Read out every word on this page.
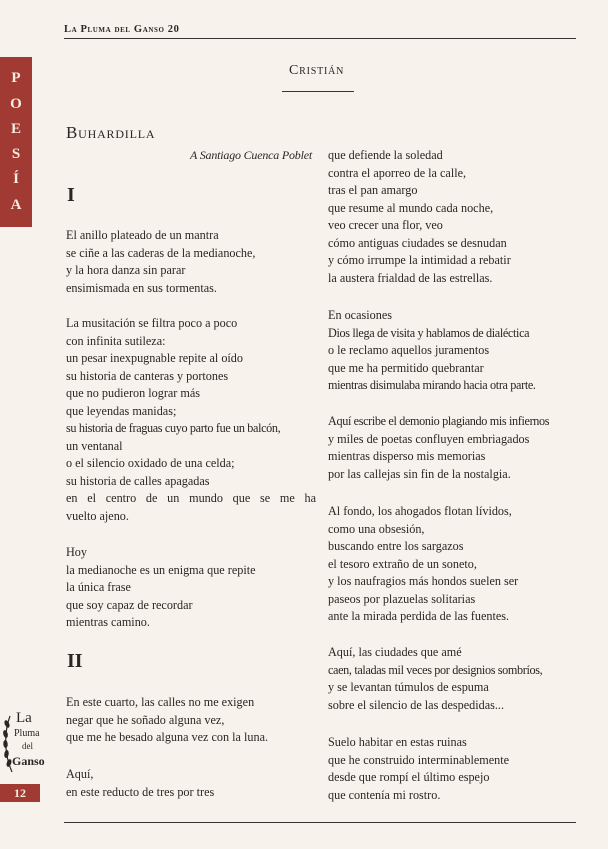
La Pluma del Ganso 20
P
O
E
S
Í
A
La
Pluma
del
Ganso
12
Cristián
Buhardilla
A Santiago Cuenca Poblet
I
El anillo plateado de un mantra
se ciñe a las caderas de la medianoche,
y la hora danza sin parar
ensimismada en sus tormentas.
La musitación se filtra poco a poco
con infinita sutileza:
un pesar inexpugnable repite al oído
su historia de canteras y portones
que no pudieron lograr más
que leyendas manidas;
su historia de fraguas cuyo parto fue un balcón,
un ventanal
o el silencio oxidado de una celda;
su historia de calles apagadas
en el centro de un mundo que se me ha
vuelto ajeno.
Hoy
la medianoche es un enigma que repite
la única frase
que soy capaz de recordar
mientras camino.
II
En este cuarto, las calles no me exigen
negar que he soñado alguna vez,
que me he besado alguna vez con la luna.
Aquí,
en este reducto de tres por tres
que defiende la soledad
contra el aporreo de la calle,
tras el pan amargo
que resume al mundo cada noche,
veo crecer una flor, veo
cómo antiguas ciudades se desnudan
y cómo irrumpe la intimidad a rebatir
la austera frialdad de las estrellas.
En ocasiones
Dios llega de visita y hablamos de dialéctica
o le reclamo aquellos juramentos
que me ha permitido quebrantar
mientras disimulaba mirando hacia otra parte.
Aquí escribe el demonio plagiando mis infiernos
y miles de poetas confluyen embriagados
mientras disperso mis memorias
por las callejas sin fin de la nostalgia.
Al fondo, los ahogados flotan lívidos,
como una obsesión,
buscando entre los sargazos
el tesoro extraño de un soneto,
y los naufragios más hondos suelen ser
paseos por plazuelas solitarias
ante la mirada perdida de las fuentes.
Aquí, las ciudades que amé
caen, taladas mil veces por designios sombríos,
y se levantan túmulos de espuma
sobre el silencio de las despedidas...
Suelo habitar en estas ruinas
que he construido interminablemente
desde que rompí el último espejo
que contenía mi rostro.
